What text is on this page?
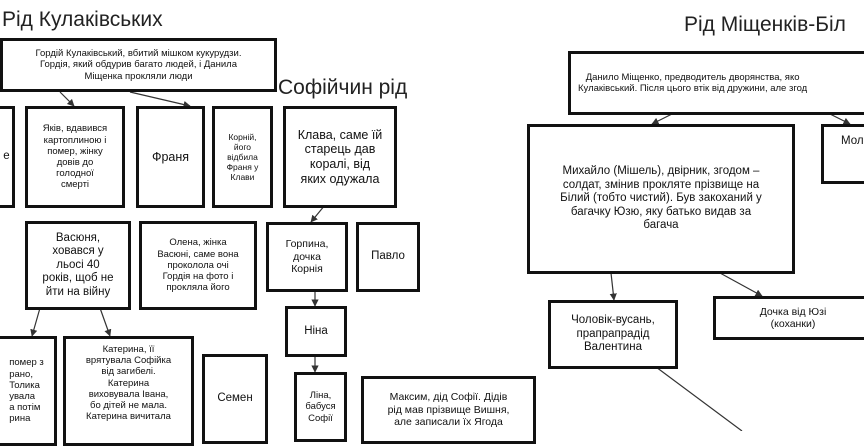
Рід Кулаківських
Софійчин рід
Рід Міщенків-Біл
Гордій Кулаківський, вбитий мішком кукурудзи.
Гордія, який обдурив багато людей, і Данила
Міщенка прокляли люди
е
Яків, вдавився
картоплиною і
помер, жінку
довів до
голодної
смерті
Франя
Корній,
його
відбила
Франя у
Клави
Клава, саме їй
старець дав
коралі, від
яких одужала
Васюня,
ховався у
льосі 40
років, щоб не
йти на війну
Олена, жінка
Васюні, саме вона
проколола очі
Гордія на фото і
прокляла його
Горпина,
дочка
Корнія
Павло
Ніна
помер з
рано,
Толика
увала
а потім
рина
Катерина, її
врятувала Софійка
від загибелі.
Катерина
виховувала Івана,
бо дітей не мала.
Катерина вичитала
Семен	Ліна,
бабуся
Софії
Максим, дід Софії. Дідів
рід мав прізвище Вишня,
але записали їх Ягода
Данило Міщенко, предводитель дворянства, яко
Кулаківський. Після цього втік від дружини, але згод
Михайло (Мішель), двірник, згодом –
солдат, змінив прокляте прізвище на
Білий (тобто чистий). Був закоханий у
багачку Юзю, яку батько видав за
багача
Мол
Дочка від Юзі
(коханки)
Чоловік-вусань,
прапрапрадід
Валентина
